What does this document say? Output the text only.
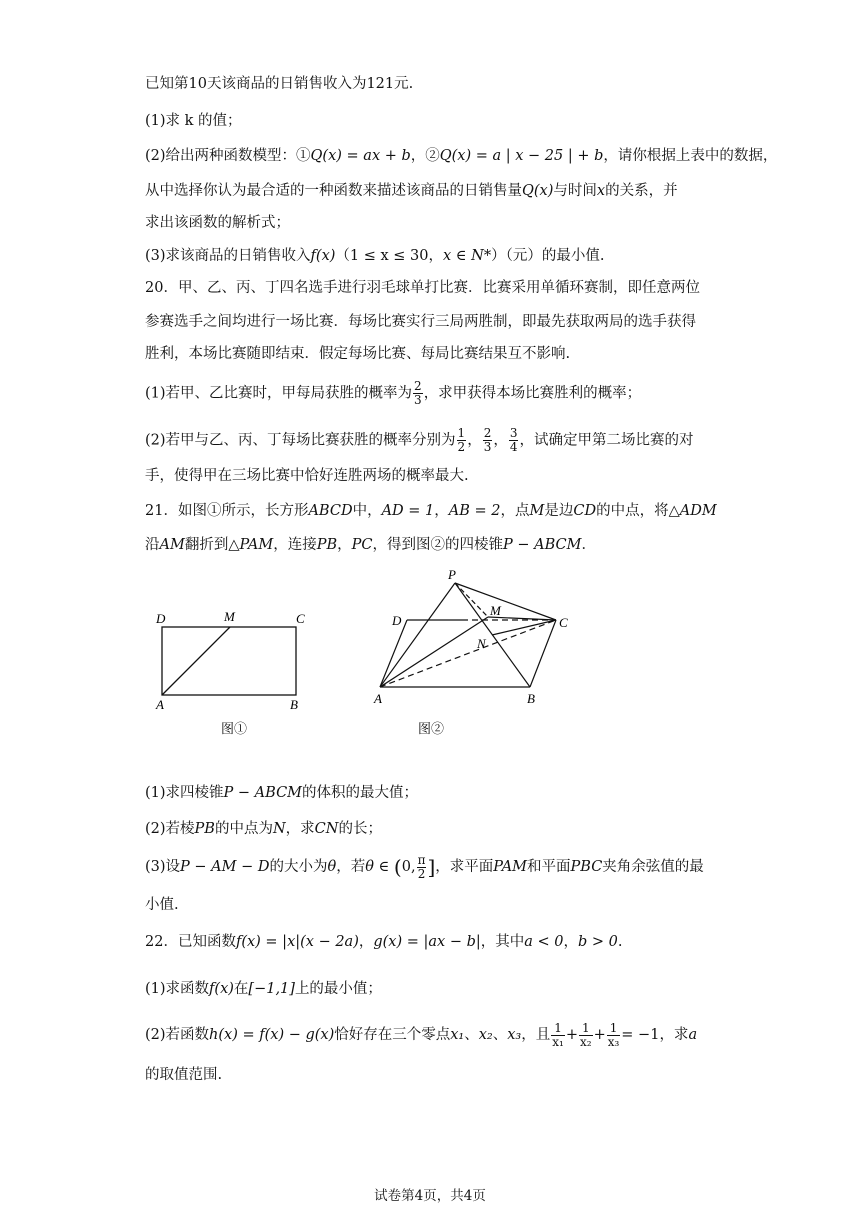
已知第10天该商品的日销售收入为121元.
(1)求 k 的值；
(2)给出两种函数模型：①Q(x) = ax + b，②Q(x) = a | x − 25 | + b，请你根据上表中的数据，
从中选择你认为最合适的一种函数来描述该商品的日销售量Q(x)与时间x的关系，并
求出该函数的解析式；
(3)求该商品的日销售收入f(x)（1 ≤ x ≤ 30，x ∈ N*）（元）的最小值.
20．甲、乙、丙、丁四名选手进行羽毛球单打比赛．比赛采用单循环赛制，即任意两位
参赛选手之间均进行一场比赛．每场比赛实行三局两胜制，即最先获取两局的选手获得
胜利，本场比赛随即结束．假定每场比赛、每局比赛结果互不影响.
(1)若甲、乙比赛时，甲每局获胜的概率为 $\frac{2}{3}$ ，求甲获得本场比赛胜利的概率；
(2)若甲与乙、丙、丁每场比赛获胜的概率分别为 $\frac{1}{2}$ ， $\frac{2}{3}$ ， $\frac{3}{4}$ ，试确定甲第二场比赛的对
手，使得甲在三场比赛中恰好连胜两场的概率最大.
21．如图①所示，长方形ABCD中，AD = 1，AB = 2，点M是边CD的中点，将△ADM
沿AM翻折到△PAM，连接PB，PC，得到图②的四棱锥P − ABCM．
D	M	C
A	B
图①
P
D
M
C
N
A	B
图②
(1)求四棱锥P − ABCM的体积的最大值；
(2)若棱PB的中点为N，求CN的长；
(3)设P − AM − D的大小为θ，若θ ∈ (0, $\frac{\pi}{2}$ ]，求平面PAM和平面PBC夹角余弦值的最
小值.
22．已知函数f(x) = |x|(x − 2a)，g(x) = |ax − b|，其中a < 0，b > 0.
(1)求函数f(x)在[−1,1]上的最小值；
(2)若函数h(x) = f(x) − g(x)恰好存在三个零点x₁、x₂、x₃，且 $\frac{1}{\text{x₁}} + \frac{1}{\text{x₂}} + \frac{1}{\text{x₃}} = -1$，求a
的取值范围.
试卷第4页，共4页
